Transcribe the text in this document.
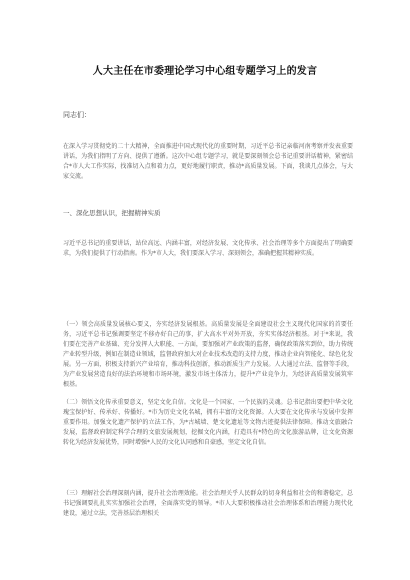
人大主任在市委理论学习中心组专题学习上的发言
同志们：
在深入学习贯彻党的二十大精神，全面推进中国式现代化的重要时期，习近平总书记亲临河南考察并发表重要讲话，为我们指明了方向、提供了遵循。这次中心组专题学习，就是要深刻领会总书记重要讲话精神，紧密结合*市人大工作实际，找准切入点和着力点，更好地履行职责，推动*高质量发展。下面，我谈几点体会，与大家交流。
一、深化思想认识，把握精神实质
习近平总书记的重要讲话，站位高远、内涵丰富，对经济发展、文化传承、社会治理等多个方面提出了明确要求，为我们提供了行动指南。作为*市人大，我们要深入学习、深刻领会，准确把握其精神实质。
（一）领会高质量发展核心要义，夯实经济发展根基。高质量发展是全面建设社会主义现代化国家的首要任务，习近平总书记强调要坚定不移办好自己的事，扩大高水平对外开放，夯实实体经济根基。对于*来说，我们要在完善产业基础、充分发挥人大职能、一方面，要加强对产业政策的监督，确保政策落实到位，助力传统产业转型升级，例如在制造业领域，监督政府加大对企业技术改造的支持力度，推动企业向智能化、绿色化发展。另一方面，积极支持新兴产业培育，推动科技创新，推动新质生产力发展。人大通过立法、监督等手段，为产业发展营造良好的法治环境和市场环境，激发市场主体活力，提升*产业竞争力，为经济高质量发展筑牢根基。
（二）领悟文化传承重要意义，坚定文化自信。文化是一个国家、一个民族的灵魂。总书记指出要把中华文化瑰宝保护好、传承好、传播好。*市为历史文化名城，拥有丰富的文化资源。人大要在文化传承与发展中发挥重要作用。加强文化遗产保护的立法工作，为*古城墙、楚文化遗址等文物古迹提供法律保障。推动文旅融合发展，监督政府制定科学合理的文旅发展规划，挖掘文化内涵，打造具有*特色的文化旅游品牌，让文化资源转化为经济发展优势，同时增强*人民的文化认同感和自豪感，坚定文化自信。
（三）理解社会治理深刻内涵，提升社会治理效能。社会治理关乎人民群众的切身利益和社会的和谐稳定，总书记强调要扎扎实实加强社会治理，全面落实党的领导。*市人大要积极推动社会治理体系和治理能力现代化建设，通过立法，完善基层治理相关
